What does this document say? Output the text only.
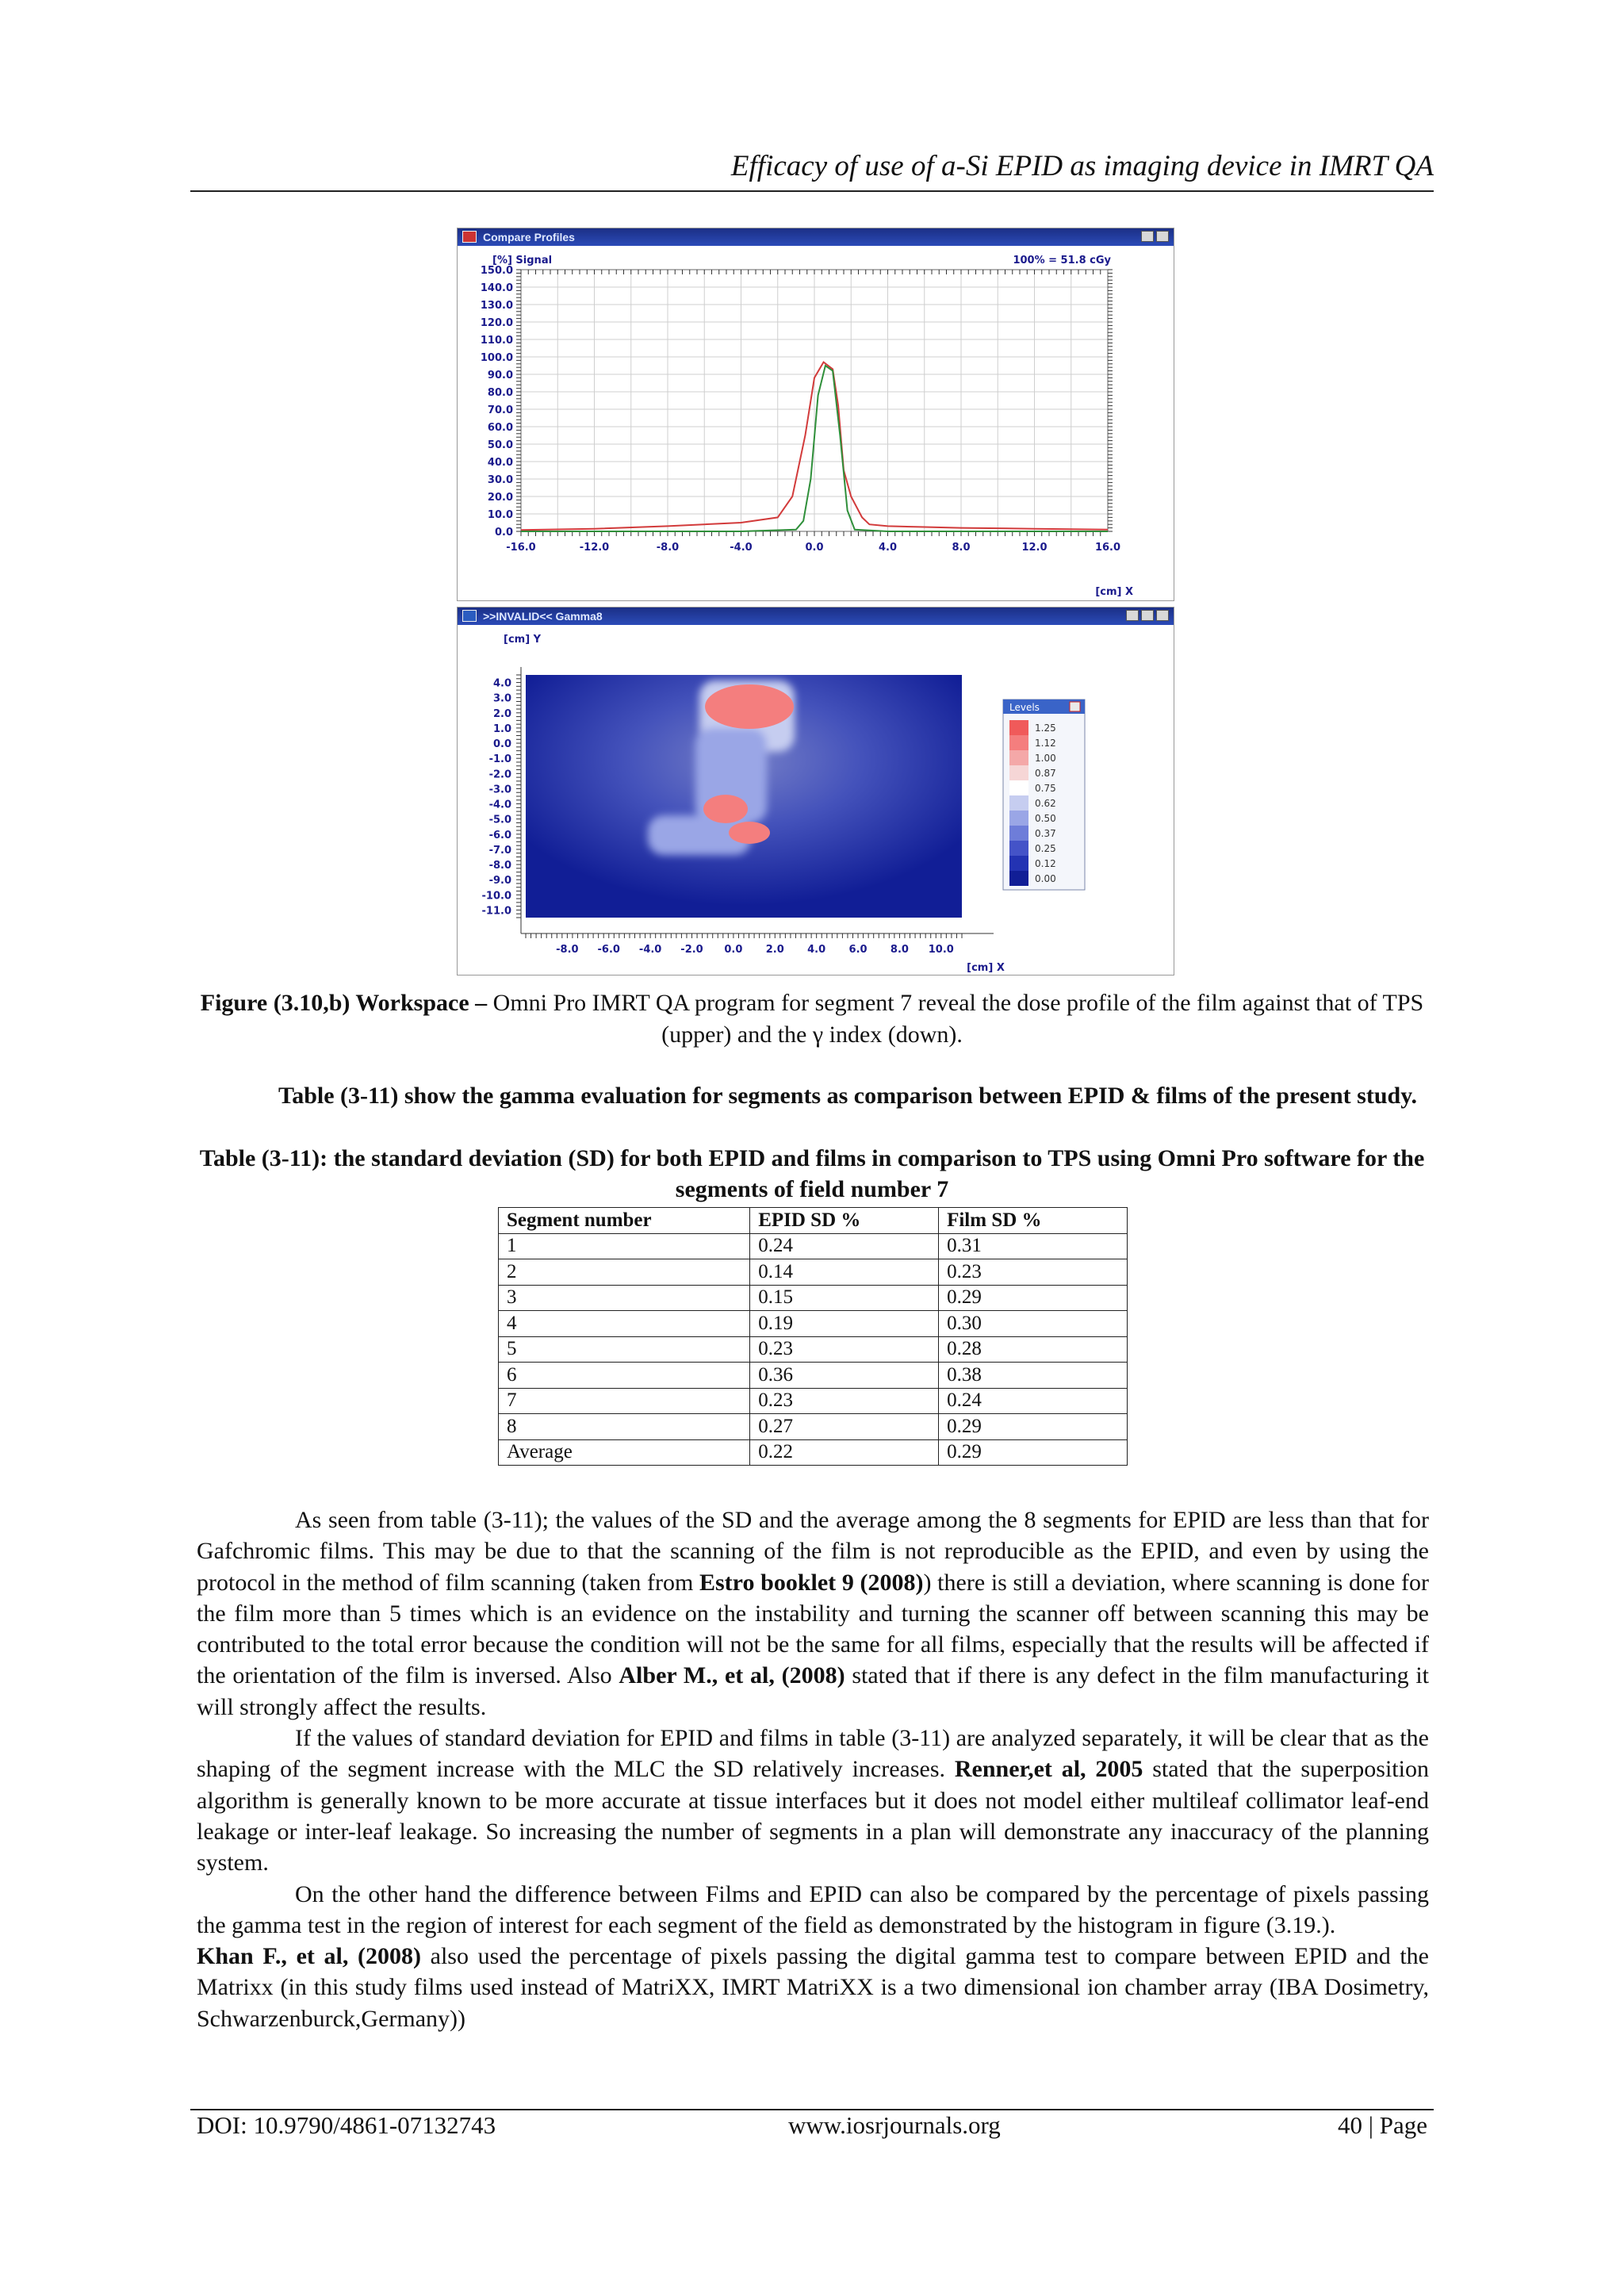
Efficacy of use of a-Si EPID as imaging device in IMRT QA
Compare Profiles
[%] Signal	100% = 51.8 cGy
[cm] X
0.0
10.0
20.0
30.0
40.0
50.0
60.0
70.0
80.0
90.0
100.0
110.0
120.0
130.0
140.0
150.0
-16.0	-12.0	-8.0	-4.0	0.0	4.0	8.0	12.0	16.0
>>INVALID<< Gamma8
[cm] Y
[cm] X
Levels
1.25
1.12
1.00
0.87
0.75
0.62
0.50
0.37
0.25
0.12
0.00
4.0
3.0
2.0
1.0
0.0
-1.0
-2.0
-3.0
-4.0
-5.0
-6.0
-7.0
-8.0
-9.0
-10.0
-11.0
-8.0 -6.0 -4.0 -2.0 0.0 2.0 4.0 6.0 8.0 10.0
Figure (3.10,b) Workspace – Omni Pro IMRT QA program for segment 7 reveal the dose profile of the film against that of TPS (upper) and the γ index (down).
Table (3-11) show the gamma evaluation for segments as comparison between EPID & films of the present study.
Table (3-11): the standard deviation (SD) for both EPID and films in comparison to TPS using Omni Pro software for the segments of field number 7
Segment number	EPID SD %	Film SD %
1	0.24	0.31
2	0.14	0.23
3	0.15	0.29
4	0.19	0.30
5	0.23	0.28
6	0.36	0.38
7	0.23	0.24
8	0.27	0.29
Average	0.22	0.29

As seen from table (3-11); the values of the SD and the average among the 8 segments for EPID are less than that for Gafchromic films. This may be due to that the scanning of the film is not reproducible as the EPID, and even by using the protocol in the method of film scanning (taken from Estro booklet 9 (2008)) there is still a deviation, where scanning is done for the film more than 5 times which is an evidence on the instability and turning the scanner off between scanning this may be contributed to the total error because the condition will not be the same for all films, especially that the results will be affected if the orientation of the film is inversed. Also Alber M., et al, (2008) stated that if there is any defect in the film manufacturing it will strongly affect the results.

If the values of standard deviation for EPID and films in table (3-11) are analyzed separately, it will be clear that as the shaping of the segment increase with the MLC the SD relatively increases. Renner,et al, 2005 stated that the superposition algorithm is generally known to be more accurate at tissue interfaces but it does not model either multileaf collimator leaf-end leakage or inter-leaf leakage. So increasing the number of segments in a plan will demonstrate any inaccuracy of the planning system.

On the other hand the difference between Films and EPID can also be compared by the percentage of pixels passing the gamma test in the region of interest for each segment of the field as demonstrated by the histogram in figure (3.19.).

Khan F., et al, (2008) also used the percentage of pixels passing the digital gamma test to compare between EPID and the Matrixx (in this study films used instead of MatriXX, IMRT MatriXX is a two dimensional ion chamber array (IBA Dosimetry, Schwarzenburck,Germany))

DOI: 10.9790/4861-07132743	www.iosrjournals.org	40 | Page
